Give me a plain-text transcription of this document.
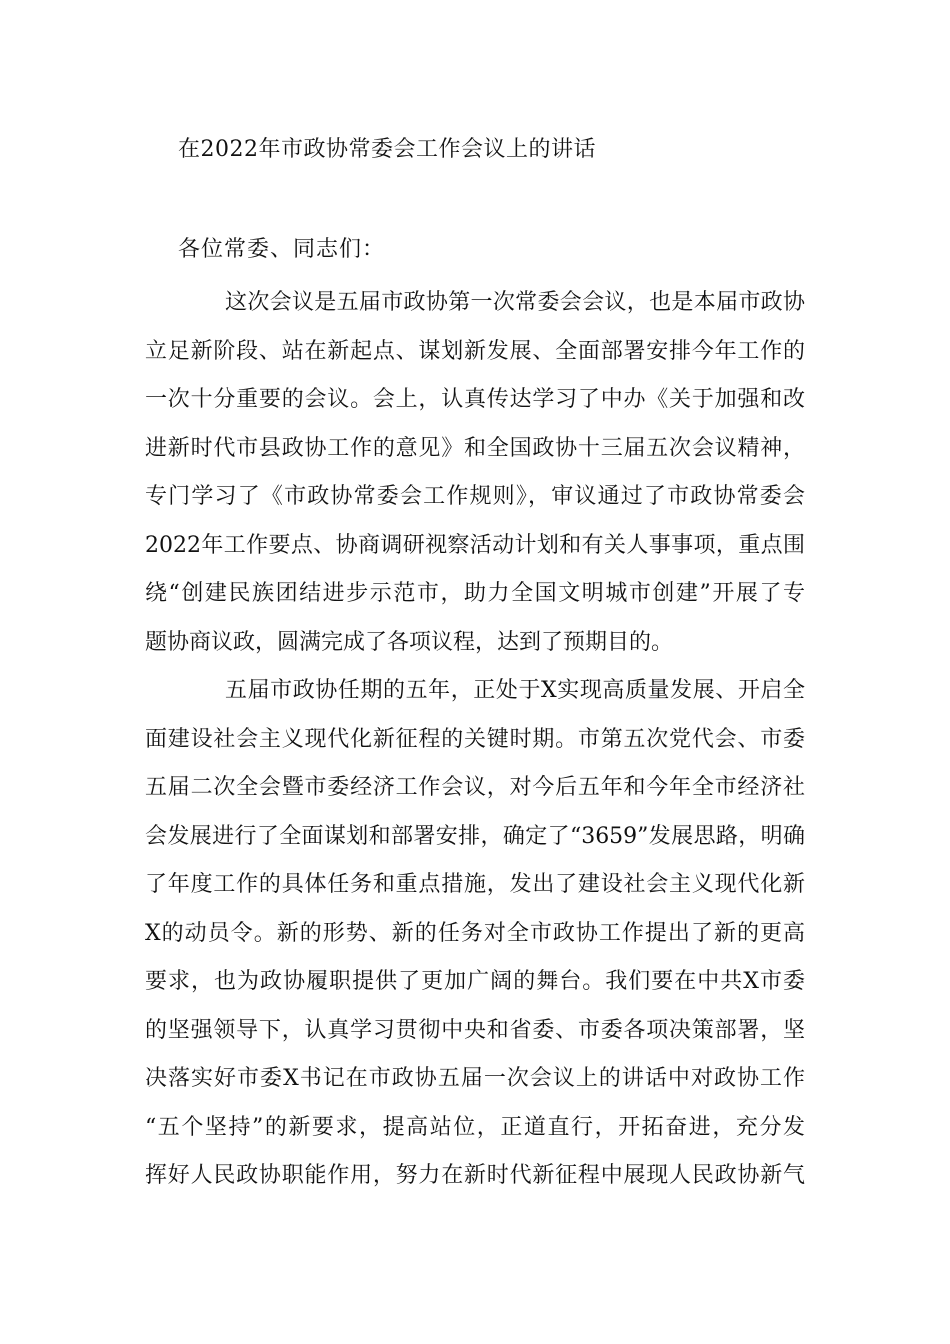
在2022年市政协常委会工作会议上的讲话
各位常委、同志们：
这次会议是五届市政协第一次常委会会议，也是本届市政协
立足新阶段、站在新起点、谋划新发展、全面部署安排今年工作的
一次十分重要的会议。会上，认真传达学习了中办《关于加强和改
进新时代市县政协工作的意见》和全国政协十三届五次会议精神，
专门学习了《市政协常委会工作规则》，审议通过了市政协常委会
2022年工作要点、协商调研视察活动计划和有关人事事项，重点围
绕“创建民族团结进步示范市，助力全国文明城市创建”开展了专
题协商议政，圆满完成了各项议程，达到了预期目的。
五届市政协任期的五年，正处于X实现高质量发展、开启全
面建设社会主义现代化新征程的关键时期。市第五次党代会、市委
五届二次全会暨市委经济工作会议，对今后五年和今年全市经济社
会发展进行了全面谋划和部署安排，确定了“3659”发展思路，明确
了年度工作的具体任务和重点措施，发出了建设社会主义现代化新
X的动员令。新的形势、新的任务对全市政协工作提出了新的更高
要求，也为政协履职提供了更加广阔的舞台。我们要在中共X市委
的坚强领导下，认真学习贯彻中央和省委、市委各项决策部署，坚
决落实好市委X书记在市政协五届一次会议上的讲话中对政协工作
“五个坚持”的新要求，提高站位，正道直行，开拓奋进，充分发
挥好人民政协职能作用，努力在新时代新征程中展现人民政协新气
